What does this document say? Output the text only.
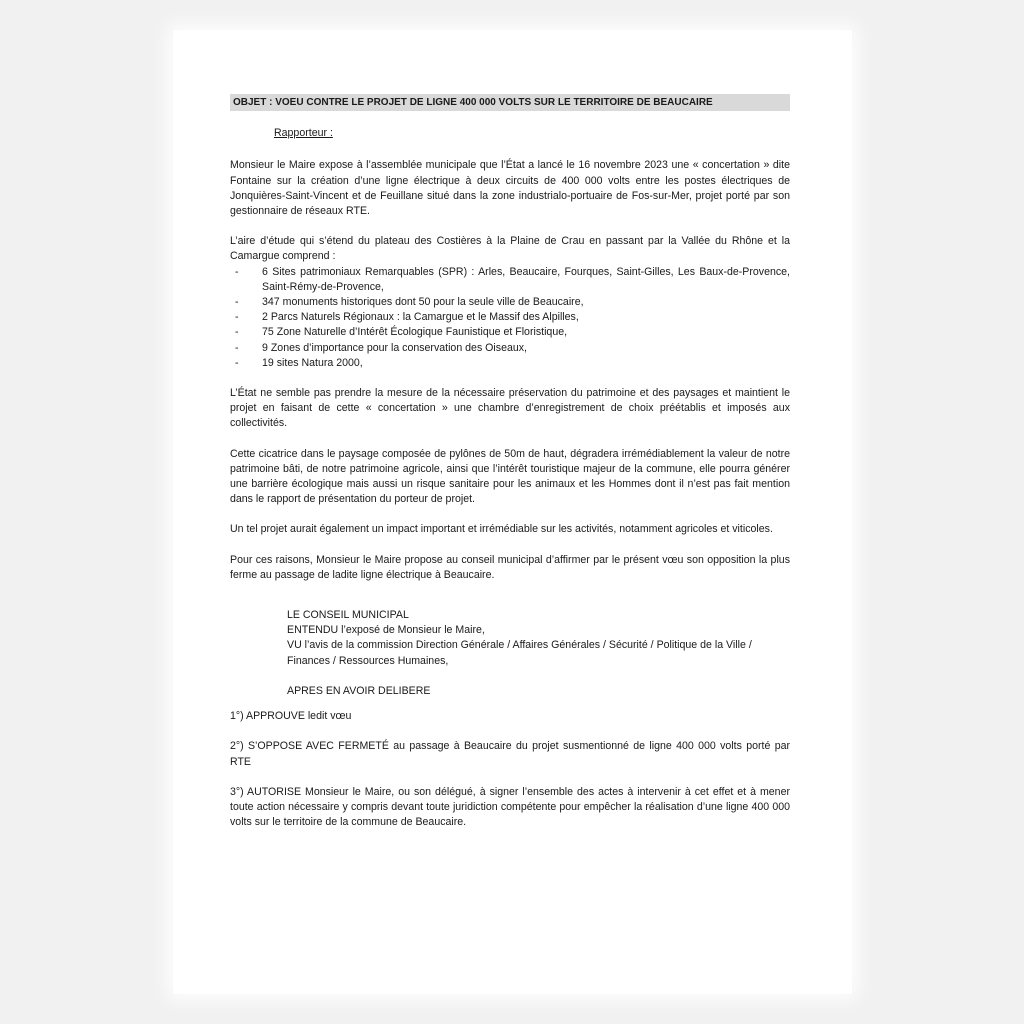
OBJET : VOEU CONTRE LE PROJET DE LIGNE 400 000 VOLTS SUR LE TERRITOIRE DE BEAUCAIRE
Rapporteur :

Monsieur le Maire expose à l’assemblée municipale que l’État a lancé le 16 novembre 2023 une « concertation » dite Fontaine sur la création d’une ligne électrique à deux circuits de 400 000 volts entre les postes électriques de Jonquières-Saint-Vincent et de Feuillane situé dans la zone industrialo-portuaire de Fos-sur-Mer, projet porté par son gestionnaire de réseaux RTE.

L’aire d’étude qui s’étend du plateau des Costières à la Plaine de Crau en passant par la Vallée du Rhône et la Camargue comprend :

- 6 Sites patrimoniaux Remarquables (SPR) : Arles, Beaucaire, Fourques, Saint-Gilles, Les Baux-de-Provence, Saint-Rémy-de-Provence,
- 347 monuments historiques dont 50 pour la seule ville de Beaucaire,
- 2 Parcs Naturels Régionaux : la Camargue et le Massif des Alpilles,
- 75 Zone Naturelle d’Intérêt Écologique Faunistique et Floristique,
- 9 Zones d’importance pour la conservation des Oiseaux,
- 19 sites Natura 2000,

L’État ne semble pas prendre la mesure de la nécessaire préservation du patrimoine et des paysages et maintient le projet en faisant de cette « concertation » une chambre d’enregistrement de choix préétablis et imposés aux collectivités.

Cette cicatrice dans le paysage composée de pylônes de 50m de haut, dégradera irrémédiablement la valeur de notre patrimoine bâti, de notre patrimoine agricole, ainsi que l’intérêt touristique majeur de la commune, elle pourra générer une barrière écologique mais aussi un risque sanitaire pour les animaux et les Hommes dont il n’est pas fait mention dans le rapport de présentation du porteur de projet.

Un tel projet aurait également un impact important et irrémédiable sur les activités, notamment agricoles et viticoles.

Pour ces raisons, Monsieur le Maire propose au conseil municipal d’affirmer par le présent vœu son opposition la plus ferme au passage de ladite ligne électrique à Beaucaire.

LE CONSEIL MUNICIPAL
ENTENDU l’exposé de Monsieur le Maire,
VU l’avis de la commission Direction Générale / Affaires Générales / Sécurité / Politique de la Ville / Finances / Ressources Humaines,
APRES EN AVOIR DELIBERE
1°) APPROUVE ledit vœu
2°) S’OPPOSE AVEC FERMETÉ au passage à Beaucaire du projet susmentionné de ligne 400 000 volts porté par RTE
3°) AUTORISE Monsieur le Maire, ou son délégué, à signer l’ensemble des actes à intervenir à cet effet et à mener toute action nécessaire y compris devant toute juridiction compétente pour empêcher la réalisation d’une ligne 400 000 volts sur le territoire de la commune de Beaucaire.
